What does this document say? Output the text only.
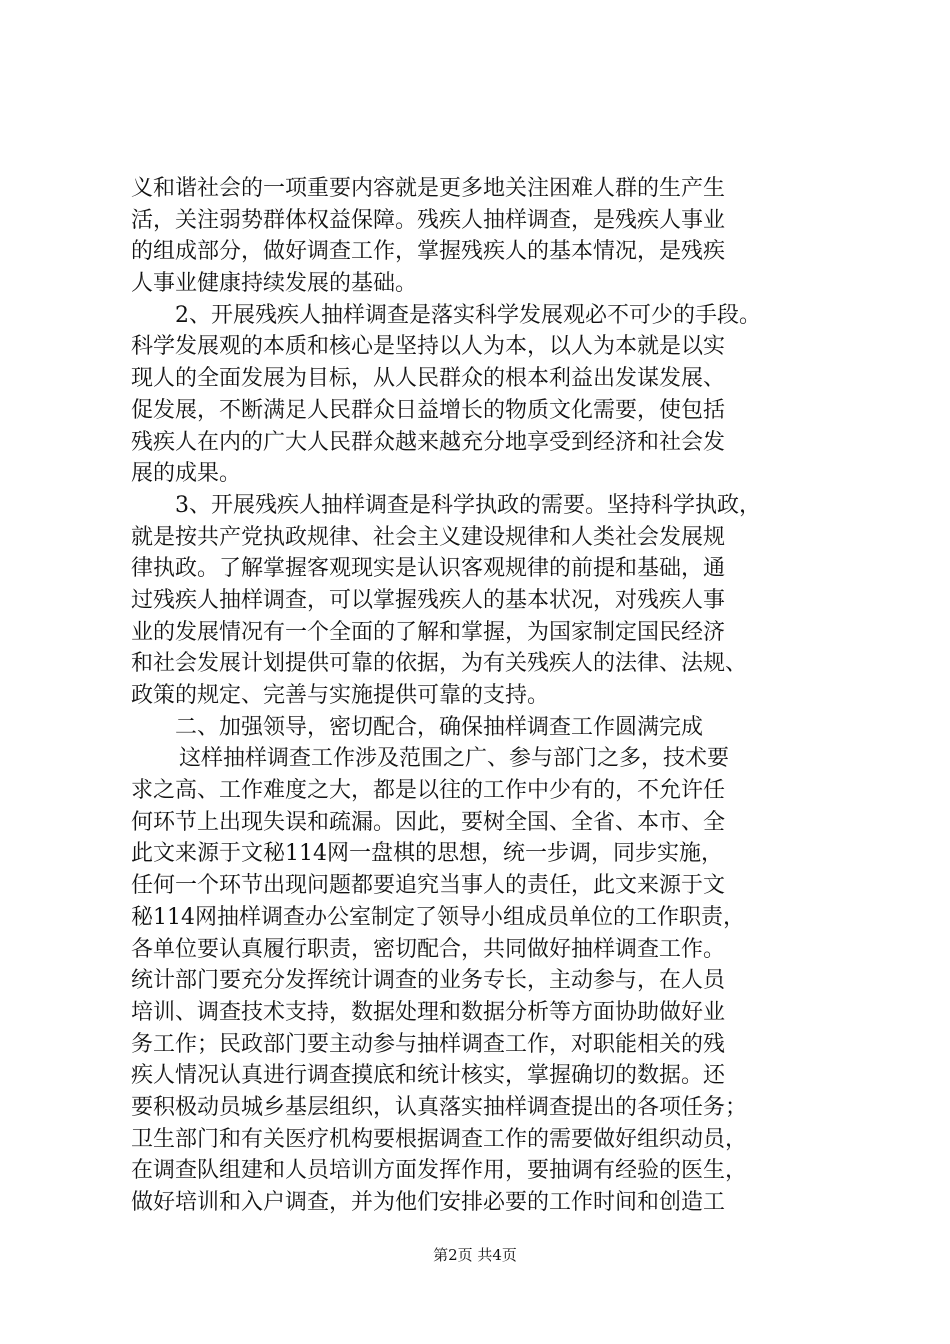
义和谐社会的一项重要内容就是更多地关注困难人群的生产生
活，关注弱势群体权益保障。残疾人抽样调查，是残疾人事业
的组成部分，做好调查工作，掌握残疾人的基本情况，是残疾
人事业健康持续发展的基础。
2、开展残疾人抽样调查是落实科学发展观必不可少的手段。
科学发展观的本质和核心是坚持以人为本，以人为本就是以实
现人的全面发展为目标，从人民群众的根本利益出发谋发展、
促发展，不断满足人民群众日益增长的物质文化需要，使包括
残疾人在内的广大人民群众越来越充分地享受到经济和社会发
展的成果。
3、开展残疾人抽样调查是科学执政的需要。坚持科学执政，
就是按共产党执政规律、社会主义建设规律和人类社会发展规
律执政。了解掌握客观现实是认识客观规律的前提和基础，通
过残疾人抽样调查，可以掌握残疾人的基本状况，对残疾人事
业的发展情况有一个全面的了解和掌握，为国家制定国民经济
和社会发展计划提供可靠的依据，为有关残疾人的法律、法规、
政策的规定、完善与实施提供可靠的支持。
二、加强领导，密切配合，确保抽样调查工作圆满完成
这样抽样调查工作涉及范围之广、参与部门之多，技术要
求之高、工作难度之大，都是以往的工作中少有的，不允许任
何环节上出现失误和疏漏。因此，要树全国、全省、本市、全
此文来源于文秘114网一盘棋的思想，统一步调，同步实施，
任何一个环节出现问题都要追究当事人的责任，此文来源于文
秘114网抽样调查办公室制定了领导小组成员单位的工作职责，
各单位要认真履行职责，密切配合，共同做好抽样调查工作。
统计部门要充分发挥统计调查的业务专长，主动参与，在人员
培训、调查技术支持，数据处理和数据分析等方面协助做好业
务工作；民政部门要主动参与抽样调查工作，对职能相关的残
疾人情况认真进行调查摸底和统计核实，掌握确切的数据。还
要积极动员城乡基层组织，认真落实抽样调查提出的各项任务；
卫生部门和有关医疗机构要根据调查工作的需要做好组织动员，
在调查队组建和人员培训方面发挥作用，要抽调有经验的医生，
做好培训和入户调查，并为他们安排必要的工作时间和创造工
第2页 共4页
